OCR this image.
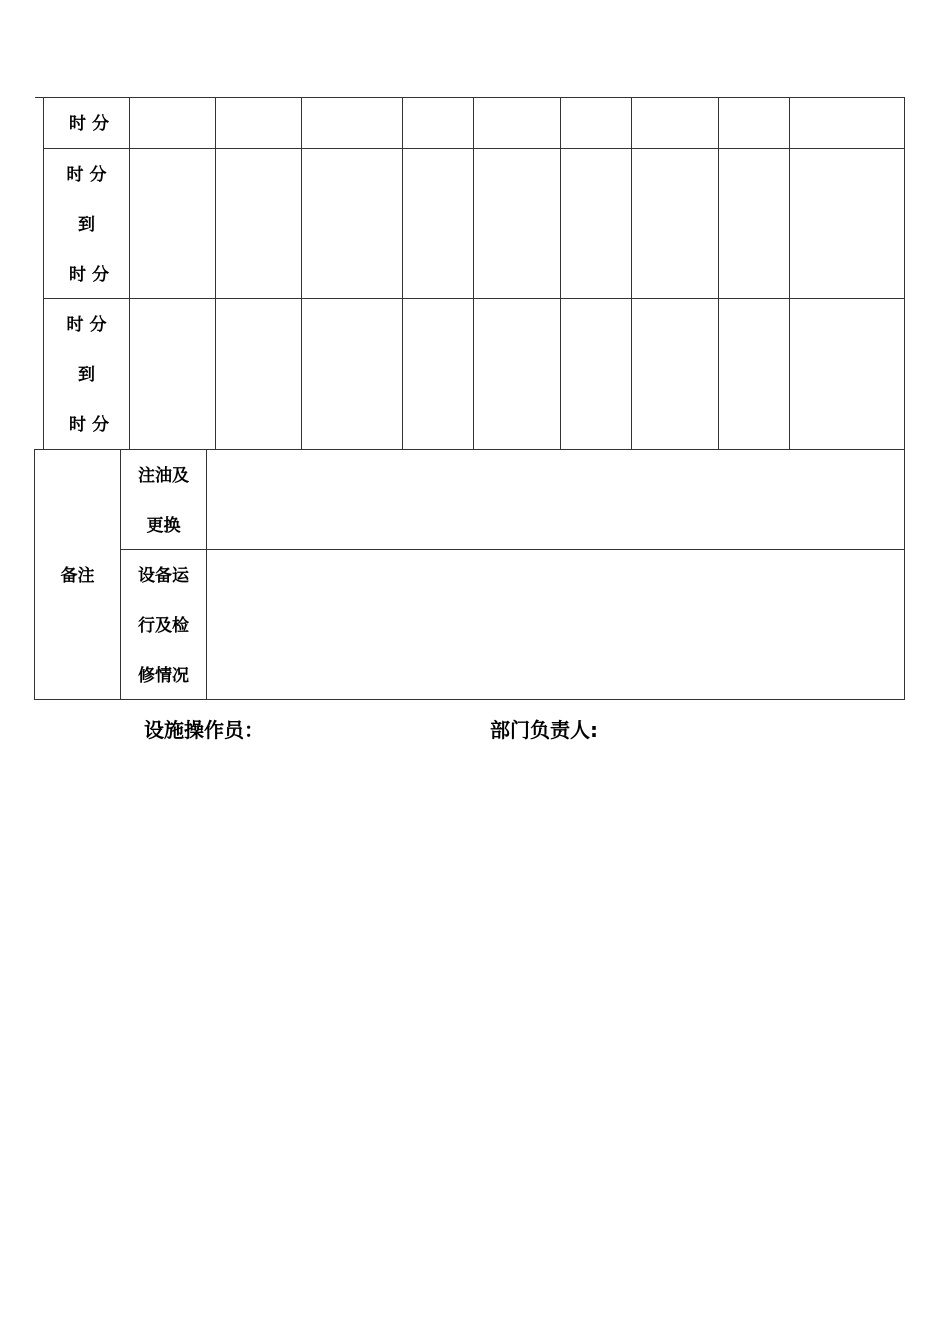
时 分
时 分
到
时 分
时 分
到
时 分
备注
注油及
更换
设备运
行及检
修情况
设施操作员：	部门负责人:
